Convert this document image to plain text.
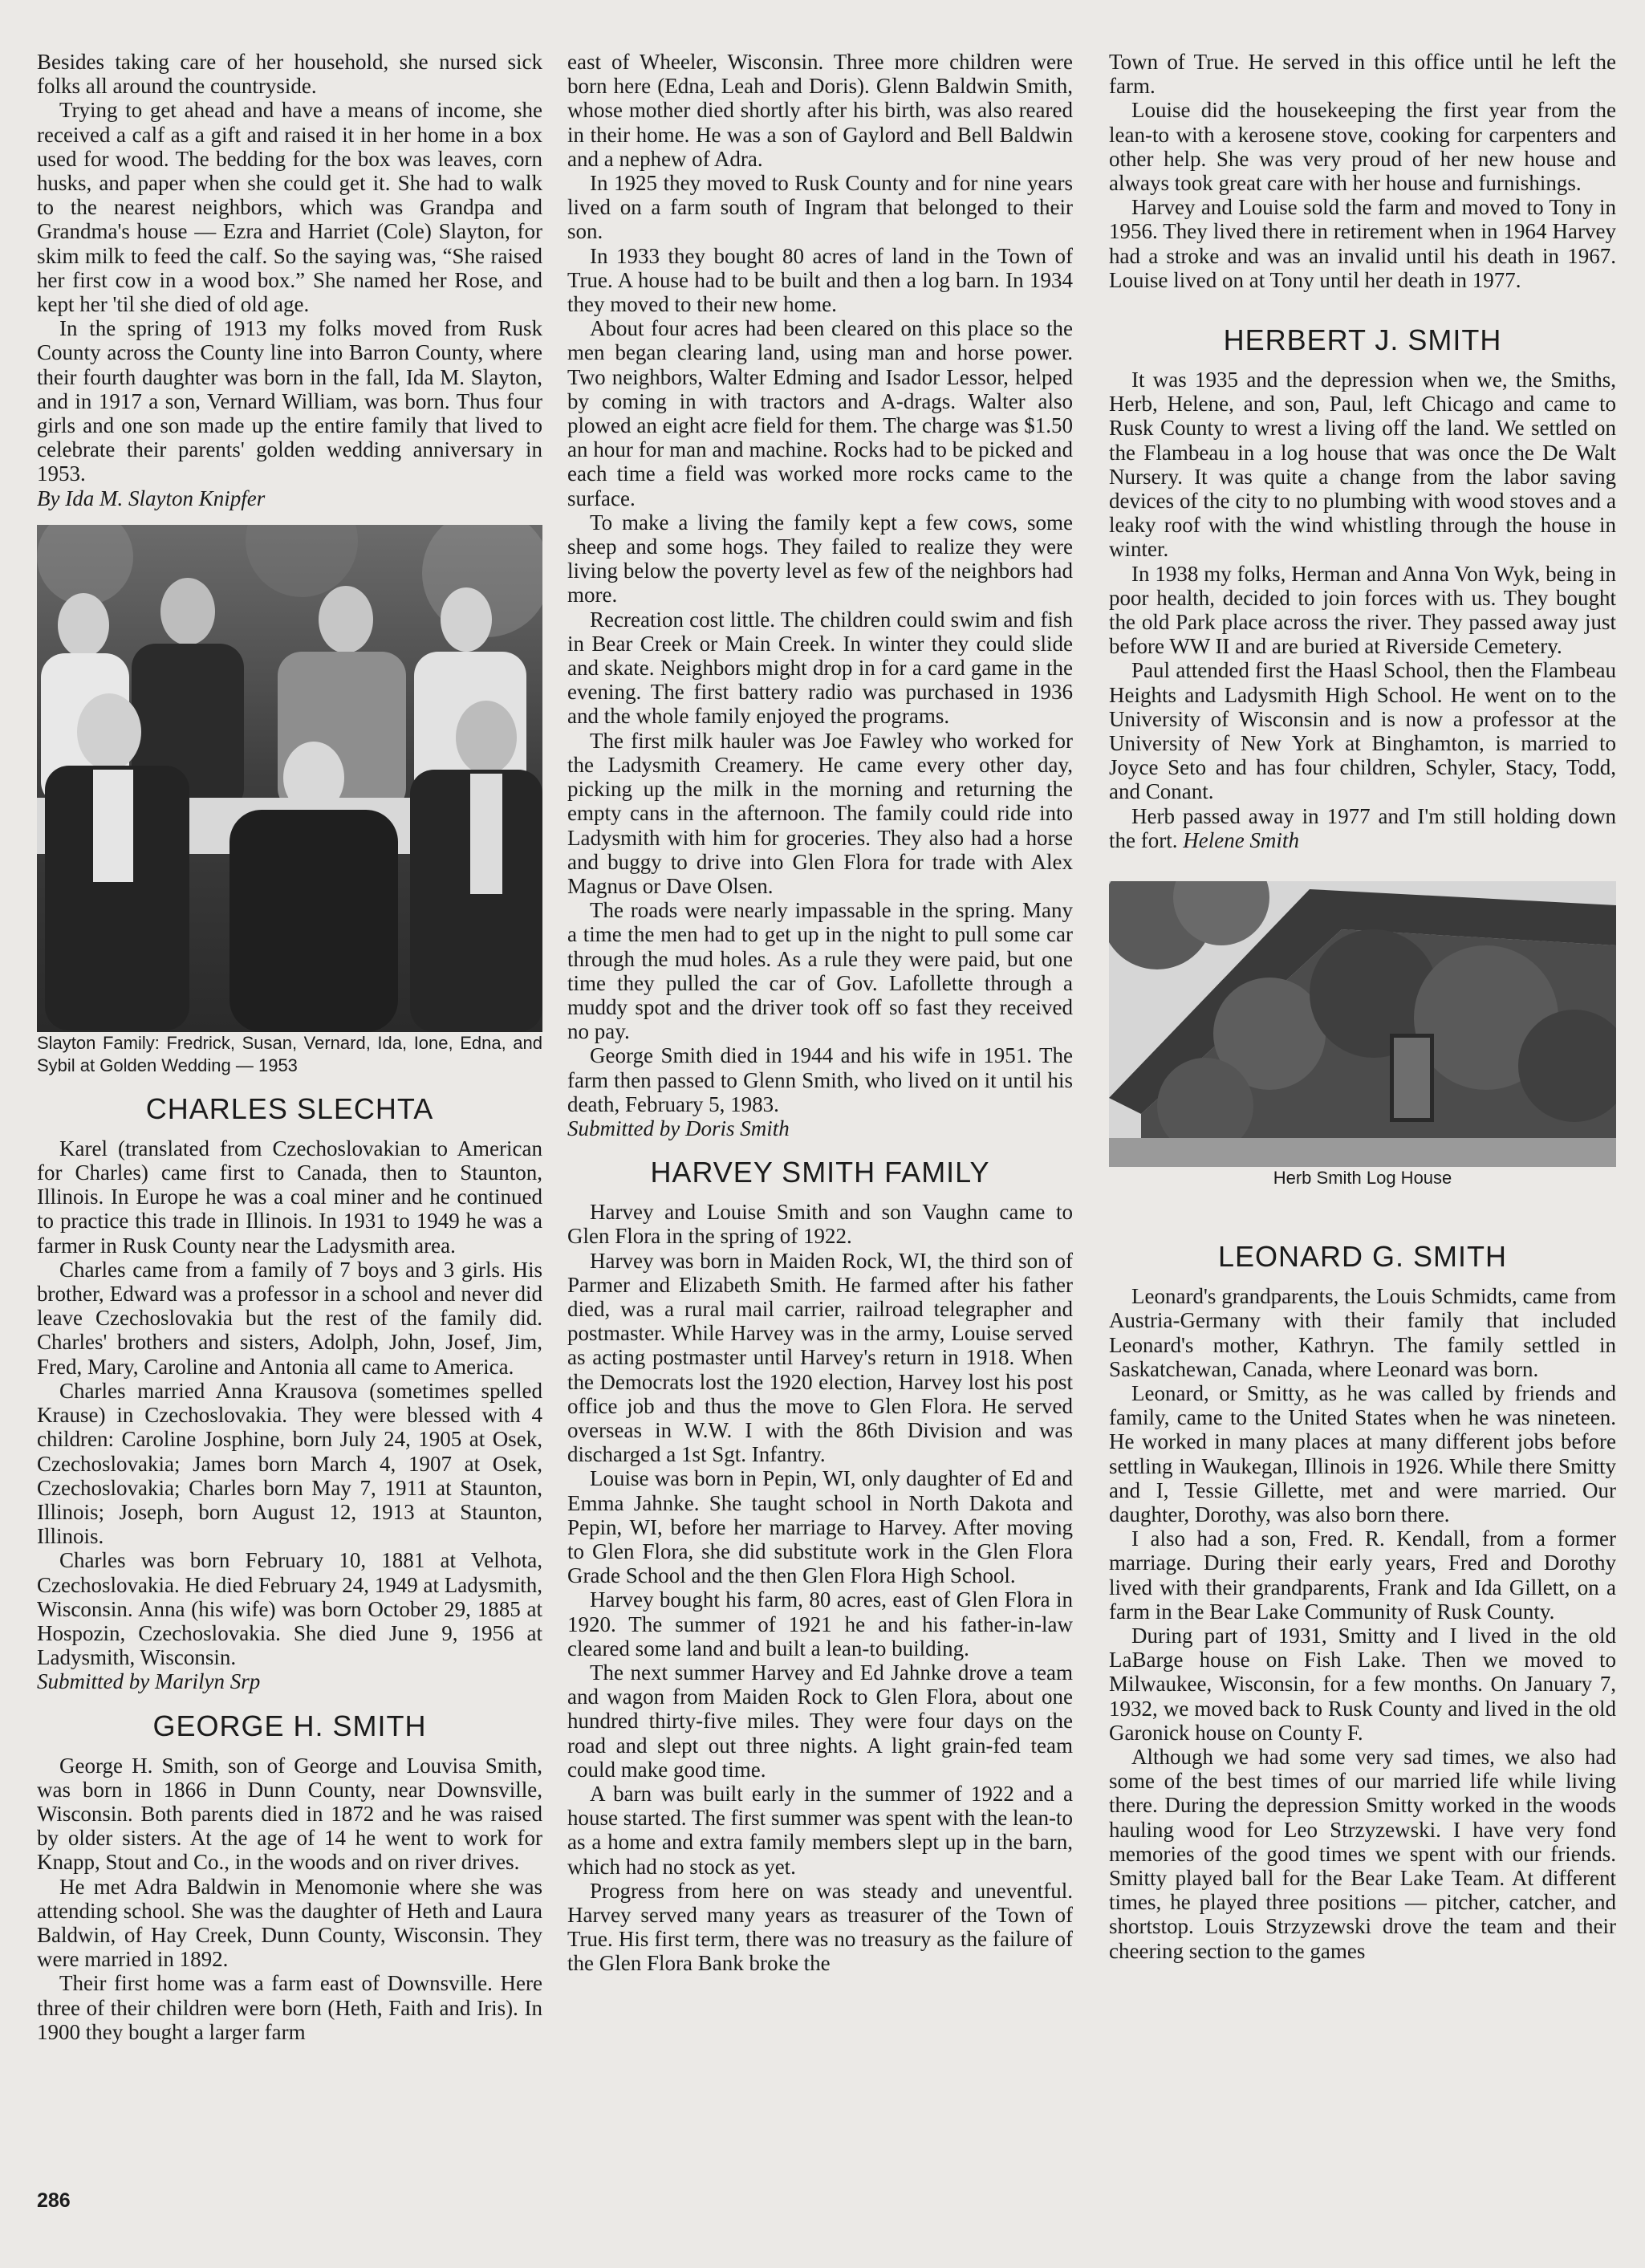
Besides taking care of her household, she nursed sick folks all around the countryside.

Trying to get ahead and have a means of income, she received a calf as a gift and raised it in her home in a box used for wood. The bedding for the box was leaves, corn husks, and paper when she could get it. She had to walk to the nearest neighbors, which was Grandpa and Grandma's house — Ezra and Harriet (Cole) Slayton, for skim milk to feed the calf. So the saying was, “She raised her first cow in a wood box.” She named her Rose, and kept her 'til she died of old age.

In the spring of 1913 my folks moved from Rusk County across the County line into Barron County, where their fourth daughter was born in the fall, Ida M. Slayton, and in 1917 a son, Vernard William, was born. Thus four girls and one son made up the entire family that lived to celebrate their parents' golden wedding anniversary in 1953.

By Ida M. Slayton Knipfer

Slayton Family: Fredrick, Susan, Vernard, Ida, Ione, Edna, and Sybil at Golden Wedding — 1953

CHARLES SLECHTA

Karel (translated from Czechoslovakian to American for Charles) came first to Canada, then to Staunton, Illinois. In Europe he was a coal miner and he continued to practice this trade in Illinois. In 1931 to 1949 he was a farmer in Rusk County near the Ladysmith area.

Charles came from a family of 7 boys and 3 girls. His brother, Edward was a professor in a school and never did leave Czechoslovakia but the rest of the family did. Charles' brothers and sisters, Adolph, John, Josef, Jim, Fred, Mary, Caroline and Antonia all came to America.

Charles married Anna Krausova (sometimes spelled Krause) in Czechoslovakia. They were blessed with 4 children: Caroline Josphine, born July 24, 1905 at Osek, Czechoslovakia; James born March 4, 1907 at Osek, Czechoslovakia; Charles born May 7, 1911 at Staunton, Illinois; Joseph, born August 12, 1913 at Staunton, Illinois.

Charles was born February 10, 1881 at Velhota, Czechoslovakia. He died February 24, 1949 at Ladysmith, Wisconsin. Anna (his wife) was born October 29, 1885 at Hospozin, Czechoslovakia. She died June 9, 1956 at Ladysmith, Wisconsin.

Submitted by Marilyn Srp

GEORGE H. SMITH

George H. Smith, son of George and Louvisa Smith, was born in 1866 in Dunn County, near Downsville, Wisconsin. Both parents died in 1872 and he was raised by older sisters. At the age of 14 he went to work for Knapp, Stout and Co., in the woods and on river drives.

He met Adra Baldwin in Menomonie where she was attending school. She was the daughter of Heth and Laura Baldwin, of Hay Creek, Dunn County, Wisconsin. They were married in 1892.

Their first home was a farm east of Downsville. Here three of their children were born (Heth, Faith and Iris). In 1900 they bought a larger farm

east of Wheeler, Wisconsin. Three more children were born here (Edna, Leah and Doris). Glenn Baldwin Smith, whose mother died shortly after his birth, was also reared in their home. He was a son of Gaylord and Bell Baldwin and a nephew of Adra.

In 1925 they moved to Rusk County and for nine years lived on a farm south of Ingram that belonged to their son.

In 1933 they bought 80 acres of land in the Town of True. A house had to be built and then a log barn. In 1934 they moved to their new home.

About four acres had been cleared on this place so the men began clearing land, using man and horse power. Two neighbors, Walter Edming and Isador Lessor, helped by coming in with tractors and A-drags. Walter also plowed an eight acre field for them. The charge was $1.50 an hour for man and machine. Rocks had to be picked and each time a field was worked more rocks came to the surface.

To make a living the family kept a few cows, some sheep and some hogs. They failed to realize they were living below the poverty level as few of the neighbors had more.

Recreation cost little. The children could swim and fish in Bear Creek or Main Creek. In winter they could slide and skate. Neighbors might drop in for a card game in the evening. The first battery radio was purchased in 1936 and the whole family enjoyed the programs.

The first milk hauler was Joe Fawley who worked for the Ladysmith Creamery. He came every other day, picking up the milk in the morning and returning the empty cans in the afternoon. The family could ride into Ladysmith with him for groceries. They also had a horse and buggy to drive into Glen Flora for trade with Alex Magnus or Dave Olsen.

The roads were nearly impassable in the spring. Many a time the men had to get up in the night to pull some car through the mud holes. As a rule they were paid, but one time they pulled the car of Gov. Lafollette through a muddy spot and the driver took off so fast they received no pay.

George Smith died in 1944 and his wife in 1951. The farm then passed to Glenn Smith, who lived on it until his death, February 5, 1983.

Submitted by Doris Smith

HARVEY SMITH FAMILY

Harvey and Louise Smith and son Vaughn came to Glen Flora in the spring of 1922.

Harvey was born in Maiden Rock, WI, the third son of Parmer and Elizabeth Smith. He farmed after his father died, was a rural mail carrier, railroad telegrapher and postmaster. While Harvey was in the army, Louise served as acting postmaster until Harvey's return in 1918. When the Democrats lost the 1920 election, Harvey lost his post office job and thus the move to Glen Flora. He served overseas in W.W. I with the 86th Division and was discharged a 1st Sgt. Infantry.

Louise was born in Pepin, WI, only daughter of Ed and Emma Jahnke. She taught school in North Dakota and Pepin, WI, before her marriage to Harvey. After moving to Glen Flora, she did substitute work in the Glen Flora Grade School and the then Glen Flora High School.

Harvey bought his farm, 80 acres, east of Glen Flora in 1920. The summer of 1921 he and his father-in-law cleared some land and built a lean-to building.

The next summer Harvey and Ed Jahnke drove a team and wagon from Maiden Rock to Glen Flora, about one hundred thirty-five miles. They were four days on the road and slept out three nights. A light grain-fed team could make good time.

A barn was built early in the summer of 1922 and a house started. The first summer was spent with the lean-to as a home and extra family members slept up in the barn, which had no stock as yet.

Progress from here on was steady and uneventful. Harvey served many years as treasurer of the Town of True. His first term, there was no treasury as the failure of the Glen Flora Bank broke the

Town of True. He served in this office until he left the farm.

Louise did the housekeeping the first year from the lean-to with a kerosene stove, cooking for carpenters and other help. She was very proud of her new house and always took great care with her house and furnishings.

Harvey and Louise sold the farm and moved to Tony in 1956. They lived there in retirement when in 1964 Harvey had a stroke and was an invalid until his death in 1967. Louise lived on at Tony until her death in 1977.

HERBERT J. SMITH

It was 1935 and the depression when we, the Smiths, Herb, Helene, and son, Paul, left Chicago and came to Rusk County to wrest a living off the land. We settled on the Flambeau in a log house that was once the De Walt Nursery. It was quite a change from the labor saving devices of the city to no plumbing with wood stoves and a leaky roof with the wind whistling through the house in winter.

In 1938 my folks, Herman and Anna Von Wyk, being in poor health, decided to join forces with us. They bought the old Park place across the river. They passed away just before WW II and are buried at Riverside Cemetery.

Paul attended first the Haasl School, then the Flambeau Heights and Ladysmith High School. He went on to the University of Wisconsin and is now a professor at the University of New York at Binghamton, is married to Joyce Seto and has four children, Schyler, Stacy, Todd, and Conant.

Herb passed away in 1977 and I'm still holding down the fort. Helene Smith

Herb Smith Log House

LEONARD G. SMITH

Leonard's grandparents, the Louis Schmidts, came from Austria-Germany with their family that included Leonard's mother, Kathryn. The family settled in Saskatchewan, Canada, where Leonard was born.

Leonard, or Smitty, as he was called by friends and family, came to the United States when he was nineteen. He worked in many places at many different jobs before settling in Waukegan, Illinois in 1926. While there Smitty and I, Tessie Gillette, met and were married. Our daughter, Dorothy, was also born there.

I also had a son, Fred. R. Kendall, from a former marriage. During their early years, Fred and Dorothy lived with their grandparents, Frank and Ida Gillett, on a farm in the Bear Lake Community of Rusk County.

During part of 1931, Smitty and I lived in the old LaBarge house on Fish Lake. Then we moved to Milwaukee, Wisconsin, for a few months. On January 7, 1932, we moved back to Rusk County and lived in the old Garonick house on County F.

Although we had some very sad times, we also had some of the best times of our married life while living there. During the depression Smitty worked in the woods hauling wood for Leo Strzyzewski. I have very fond memories of the good times we spent with our friends. Smitty played ball for the Bear Lake Team. At different times, he played three positions — pitcher, catcher, and shortstop. Louis Strzyzewski drove the team and their cheering section to the games

286
